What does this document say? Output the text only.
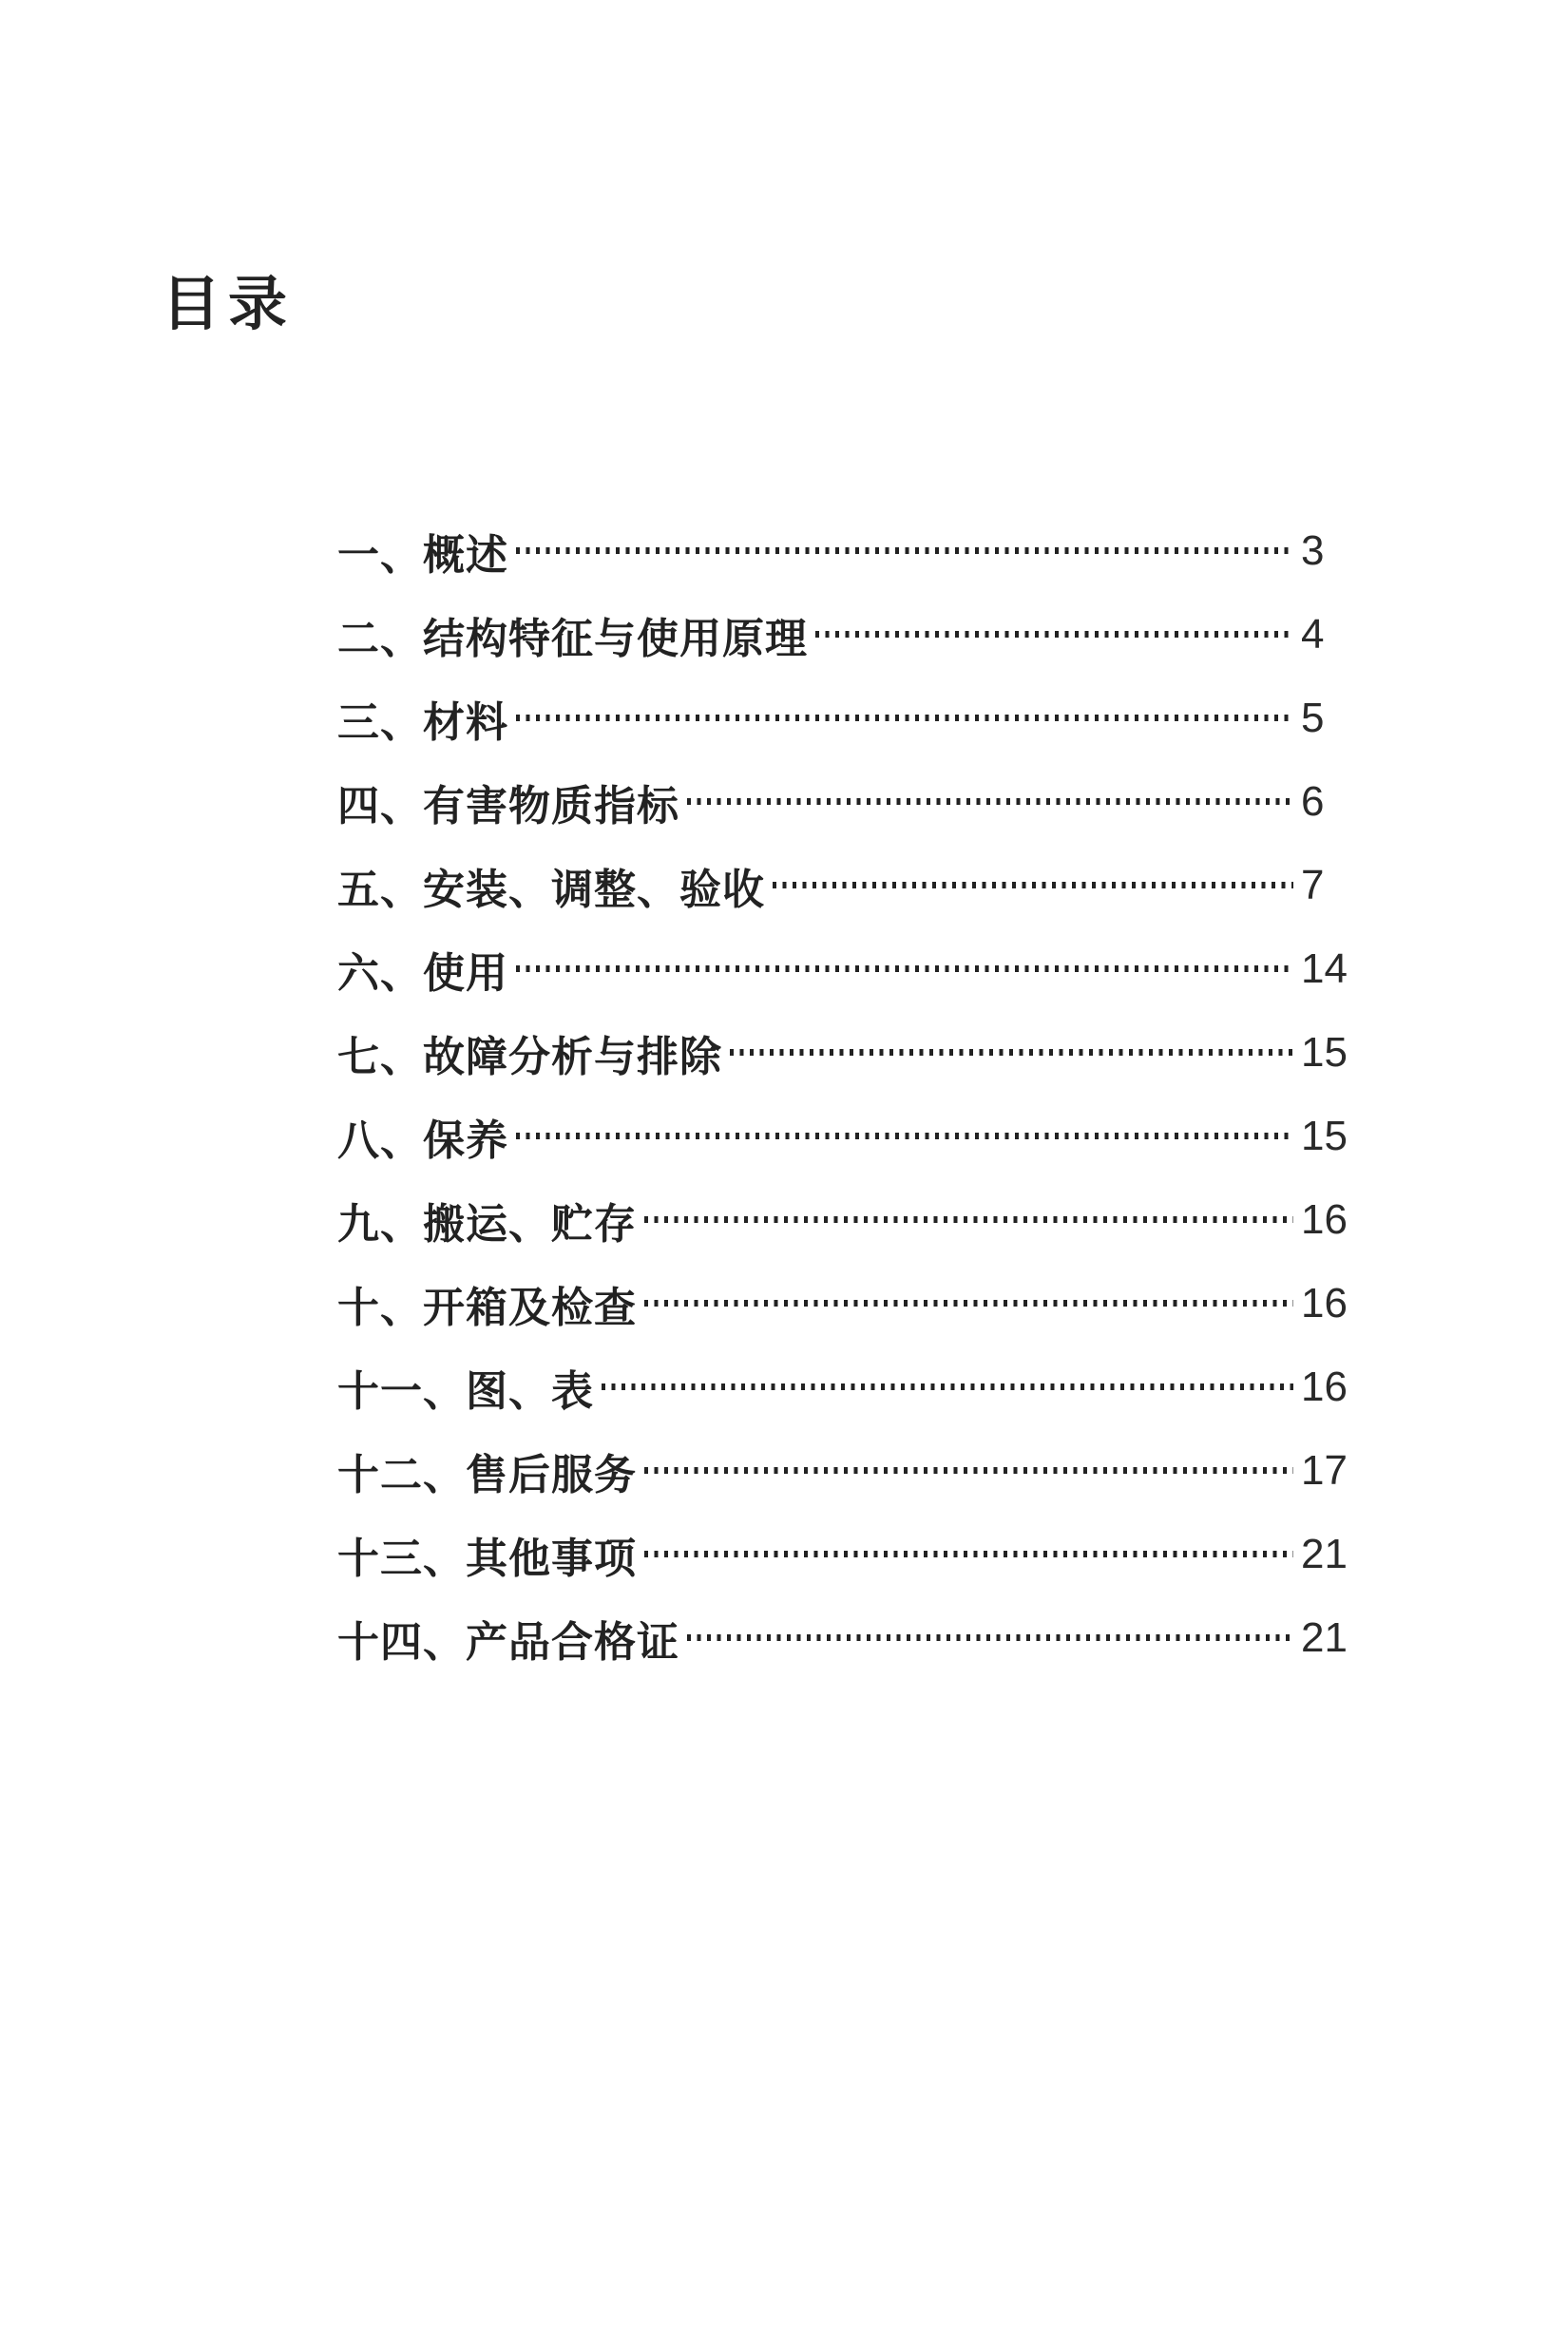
目录
一、概述	3
二、结构特征与使用原理	4
三、材料	5
四、有害物质指标	6
五、安装、调整、验收	7
六、使用	14
七、故障分析与排除	15
八、保养	15
九、搬运、贮存	16
十、开箱及检查	16
十一、图、表	16
十二、售后服务	17
十三、其他事项	21
十四、产品合格证	21
